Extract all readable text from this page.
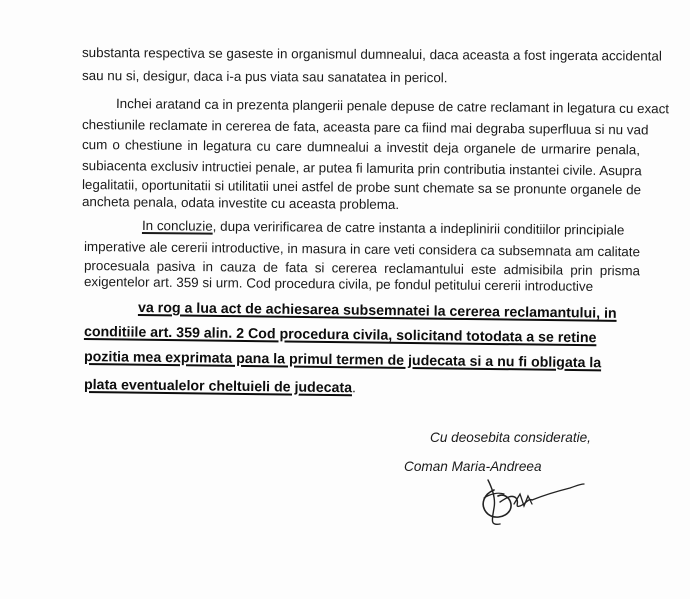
substanta respectiva se gaseste in organismul dumnealui, daca aceasta a fost ingerata accidental
sau nu si, desigur, daca i-a pus viata sau sanatatea in pericol.
Inchei aratand ca in prezenta plangerii penale depuse de catre reclamant in legatura cu exact
chestiunile reclamate in cererea de fata, aceasta pare ca fiind mai degraba superfluua si nu vad
cum o chestiune in legatura cu care dumnealui a investit deja organele de urmarire penala,
subiacenta exclusiv intructiei penale, ar putea fi lamurita prin contributia instantei civile. Asupra
legalitatii, oportunitatii si utilitatii unei astfel de probe sunt chemate sa se pronunte organele de
ancheta penala, odata investite cu aceasta problema.
In concluzie, dupa veririficarea de catre instanta a indeplinirii conditiilor principiale
imperative ale cererii introductive, in masura in care veti considera ca subsemnata am calitate
procesuala pasiva in cauza de fata si cererea reclamantului este admisibila prin prisma
exigentelor art. 359 si urm. Cod procedura civila, pe fondul petitului cererii introductive
va rog a lua act de achiesarea subsemnatei la cererea reclamantului, in
conditiile art. 359 alin. 2 Cod procedura civila, solicitand totodata a se retine
pozitia mea exprimata pana la primul termen de judecata si a nu fi obligata la
plata eventualelor cheltuieli de judecata.
Cu deosebita consideratie,
Coman Maria-Andreea
